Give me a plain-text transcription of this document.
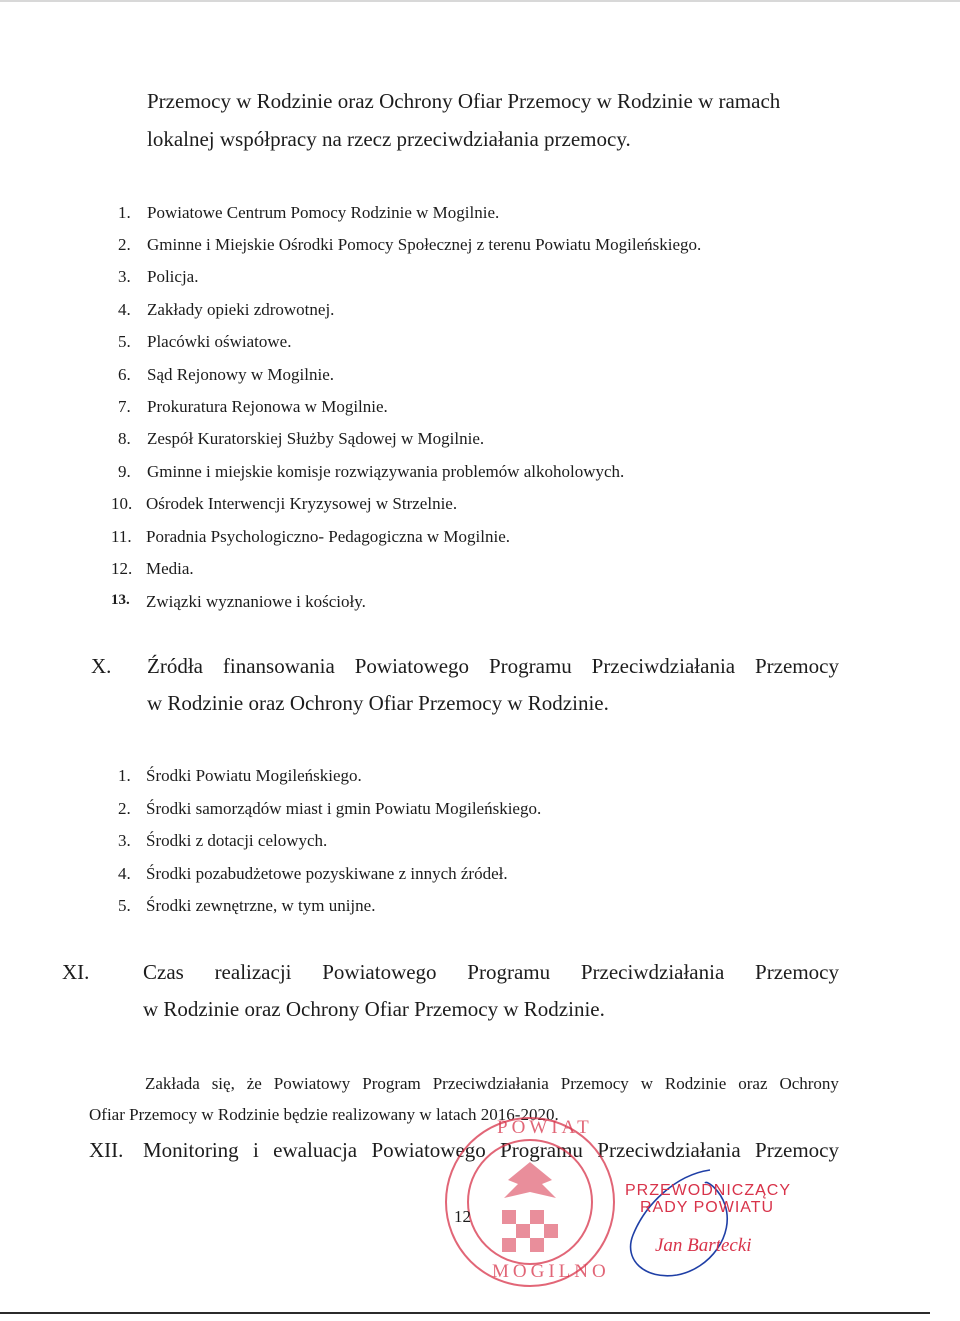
Przemocy w Rodzinie oraz Ochrony Ofiar Przemocy w Rodzinie w ramach
lokalnej współpracy na rzecz przeciwdziałania przemocy.
1. Powiatowe Centrum Pomocy Rodzinie w Mogilnie.
2. Gminne i Miejskie Ośrodki Pomocy Społecznej z terenu Powiatu Mogileńskiego.
3. Policja.
4. Zakłady opieki zdrowotnej.
5. Placówki oświatowe.
6. Sąd Rejonowy w Mogilnie.
7. Prokuratura Rejonowa w Mogilnie.
8. Zespół Kuratorskiej Służby Sądowej w Mogilnie.
9. Gminne i miejskie komisje rozwiązywania problemów alkoholowych.
10. Ośrodek Interwencji Kryzysowej w Strzelnie.
11. Poradnia Psychologiczno- Pedagogiczna w Mogilnie.
12. Media.
13. Związki wyznaniowe i kościoły.
X. Źródła finansowania Powiatowego Programu Przeciwdziałania Przemocy
w Rodzinie oraz Ochrony Ofiar Przemocy w Rodzinie.
1. Środki Powiatu Mogileńskiego.
2. Środki samorządów miast i gmin Powiatu Mogileńskiego.
3. Środki z dotacji celowych.
4. Środki pozabudżetowe pozyskiwane z innych źródeł.
5. Środki zewnętrzne, w tym unijne.
XI.	Czas realizacji Powiatowego Programu Przeciwdziałania Przemocy
w Rodzinie oraz Ochrony Ofiar Przemocy w Rodzinie.
Zakłada się, że Powiatowy Program Przeciwdziałania Przemocy w Rodzinie oraz Ochrony
Ofiar Przemocy w Rodzinie będzie realizowany w latach 2016-2020.
XII. Monitoring i ewaluacja Powiatowego Programu Przeciwdziałania Przemocy
POWIAT
MOGILNO
12
PRZEWODNICZĄCY
RADY POWIATU
Jan Bartecki
